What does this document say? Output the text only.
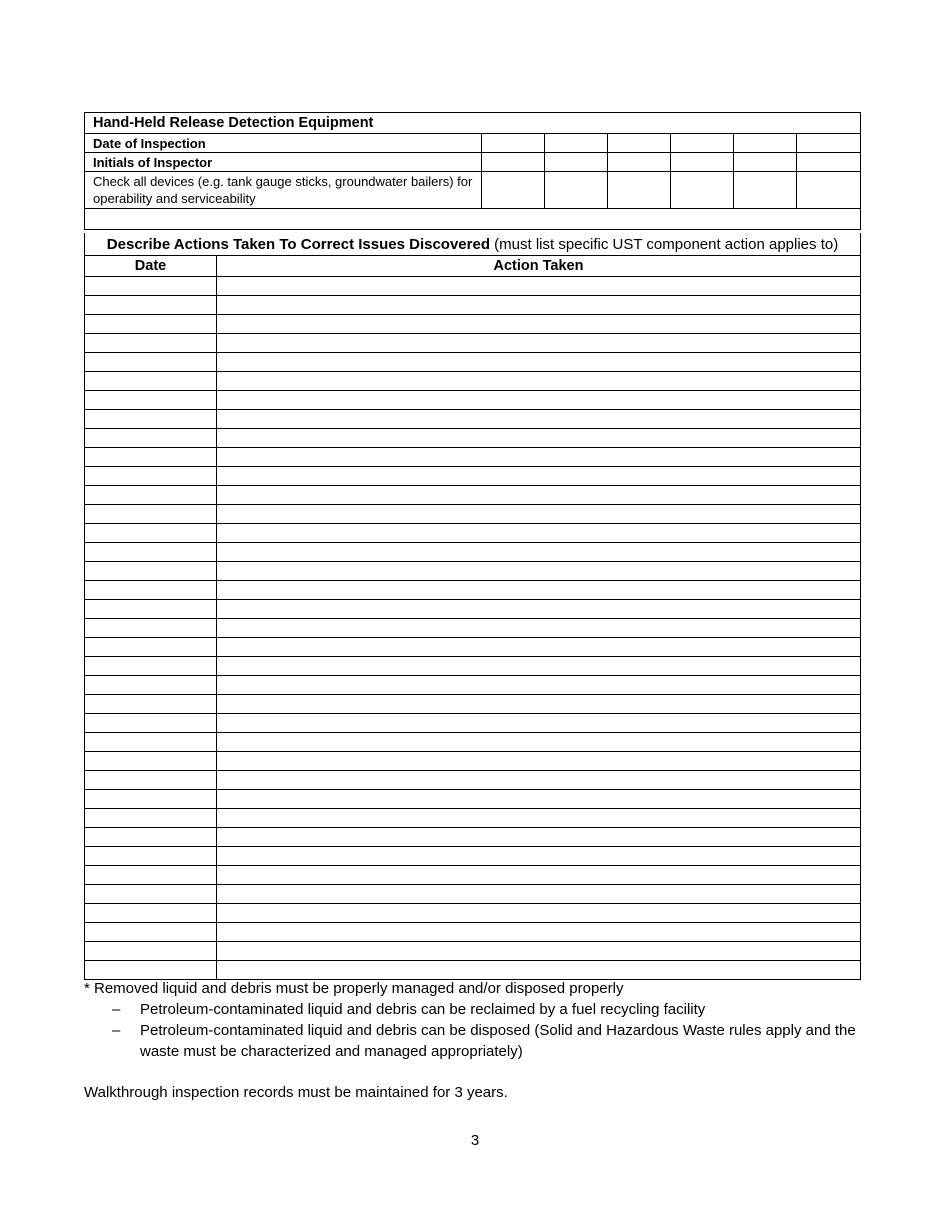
Hand-Held Release Detection Equipment						
Date of Inspection						
Initials of Inspector						
Check all devices (e.g. tank gauge sticks, groundwater bailers) for operability and serviceability						

Describe Actions Taken To Correct Issues Discovered (must list specific UST component action applies to)	
Date	Action Taken

* Removed liquid and debris must be properly managed and/or disposed properly

– Petroleum-contaminated liquid and debris can be reclaimed by a fuel recycling facility
– Petroleum-contaminated liquid and debris can be disposed (Solid and Hazardous Waste rules apply and the waste must be characterized and managed appropriately)
Walkthrough inspection records must be maintained for 3 years.
3
